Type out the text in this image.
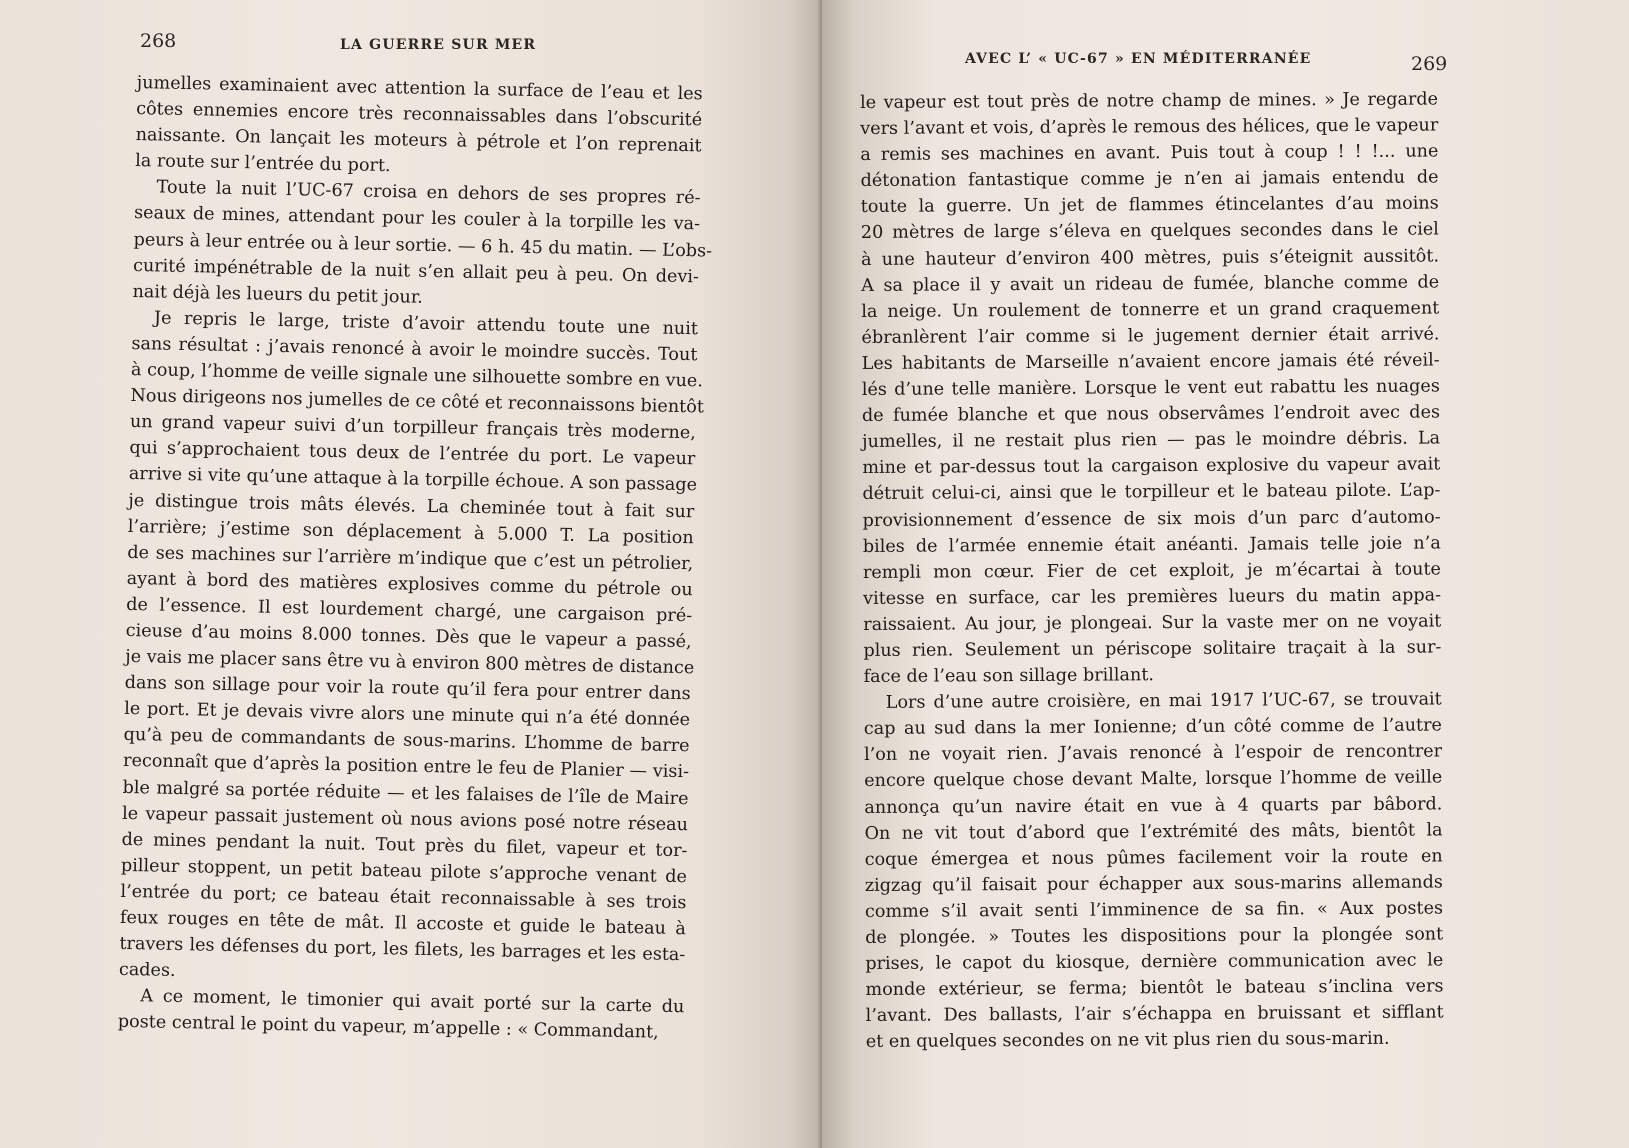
268	LA GUERRE SUR MER
jumelles examinaient avec attention la surface de l’eau et les
côtes ennemies encore très reconnaissables dans l’obscurité
naissante. On lançait les moteurs à pétrole et l’on reprenait
la route sur l’entrée du port.
Toute la nuit l’UC-67 croisa en dehors de ses propres ré-
seaux de mines, attendant pour les couler à la torpille les va-
peurs à leur entrée ou à leur sortie. — 6 h. 45 du matin. — L’obs-
curité impénétrable de la nuit s’en allait peu à peu. On devi-
nait déjà les lueurs du petit jour.
Je repris le large, triste d’avoir attendu toute une nuit
sans résultat : j’avais renoncé à avoir le moindre succès. Tout
à coup, l’homme de veille signale une silhouette sombre en vue.
Nous dirigeons nos jumelles de ce côté et reconnaissons bientôt
un grand vapeur suivi d’un torpilleur français très moderne,
qui s’approchaient tous deux de l’entrée du port. Le vapeur
arrive si vite qu’une attaque à la torpille échoue. A son passage
je distingue trois mâts élevés. La cheminée tout à fait sur
l’arrière; j’estime son déplacement à 5.000 T. La position
de ses machines sur l’arrière m’indique que c’est un pétrolier,
ayant à bord des matières explosives comme du pétrole ou
de l’essence. Il est lourdement chargé, une cargaison pré-
cieuse d’au moins 8.000 tonnes. Dès que le vapeur a passé,
je vais me placer sans être vu à environ 800 mètres de distance
dans son sillage pour voir la route qu’il fera pour entrer dans
le port. Et je devais vivre alors une minute qui n’a été donnée
qu’à peu de commandants de sous-marins. L’homme de barre
reconnaît que d’après la position entre le feu de Planier — visi-
ble malgré sa portée réduite — et les falaises de l’île de Maire
le vapeur passait justement où nous avions posé notre réseau
de mines pendant la nuit. Tout près du filet, vapeur et tor-
pilleur stoppent, un petit bateau pilote s’approche venant de
l’entrée du port; ce bateau était reconnaissable à ses trois
feux rouges en tête de mât. Il accoste et guide le bateau à
travers les défenses du port, les filets, les barrages et les esta-
cades.
A ce moment, le timonier qui avait porté sur la carte du
poste central le point du vapeur, m’appelle : « Commandant,
AVEC L’ « UC-67 » EN MÉDITERRANÉE	269
le vapeur est tout près de notre champ de mines. » Je regarde
vers l’avant et vois, d’après le remous des hélices, que le vapeur
a remis ses machines en avant. Puis tout à coup ! ! !... une
détonation fantastique comme je n’en ai jamais entendu de
toute la guerre. Un jet de flammes étincelantes d’au moins
20 mètres de large s’éleva en quelques secondes dans le ciel
à une hauteur d’environ 400 mètres, puis s’éteignit aussitôt.
A sa place il y avait un rideau de fumée, blanche comme de
la neige. Un roulement de tonnerre et un grand craquement
ébranlèrent l’air comme si le jugement dernier était arrivé.
Les habitants de Marseille n’avaient encore jamais été réveil-
lés d’une telle manière. Lorsque le vent eut rabattu les nuages
de fumée blanche et que nous observâmes l’endroit avec des
jumelles, il ne restait plus rien — pas le moindre débris. La
mine et par-dessus tout la cargaison explosive du vapeur avait
détruit celui-ci, ainsi que le torpilleur et le bateau pilote. L’ap-
provisionnement d’essence de six mois d’un parc d’automo-
biles de l’armée ennemie était anéanti. Jamais telle joie n’a
rempli mon cœur. Fier de cet exploit, je m’écartai à toute
vitesse en surface, car les premières lueurs du matin appa-
raissaient. Au jour, je plongeai. Sur la vaste mer on ne voyait
plus rien. Seulement un périscope solitaire traçait à la sur-
face de l’eau son sillage brillant.
Lors d’une autre croisière, en mai 1917 l’UC-67, se trouvait
cap au sud dans la mer Ionienne; d’un côté comme de l’autre
l’on ne voyait rien. J’avais renoncé à l’espoir de rencontrer
encore quelque chose devant Malte, lorsque l’homme de veille
annonça qu’un navire était en vue à 4 quarts par bâbord.
On ne vit tout d’abord que l’extrémité des mâts, bientôt la
coque émergea et nous pûmes facilement voir la route en
zigzag qu’il faisait pour échapper aux sous-marins allemands
comme s’il avait senti l’imminence de sa fin. « Aux postes
de plongée. » Toutes les dispositions pour la plongée sont
prises, le capot du kiosque, dernière communication avec le
monde extérieur, se ferma; bientôt le bateau s’inclina vers
l’avant. Des ballasts, l’air s’échappa en bruissant et sifflant
et en quelques secondes on ne vit plus rien du sous-marin.
